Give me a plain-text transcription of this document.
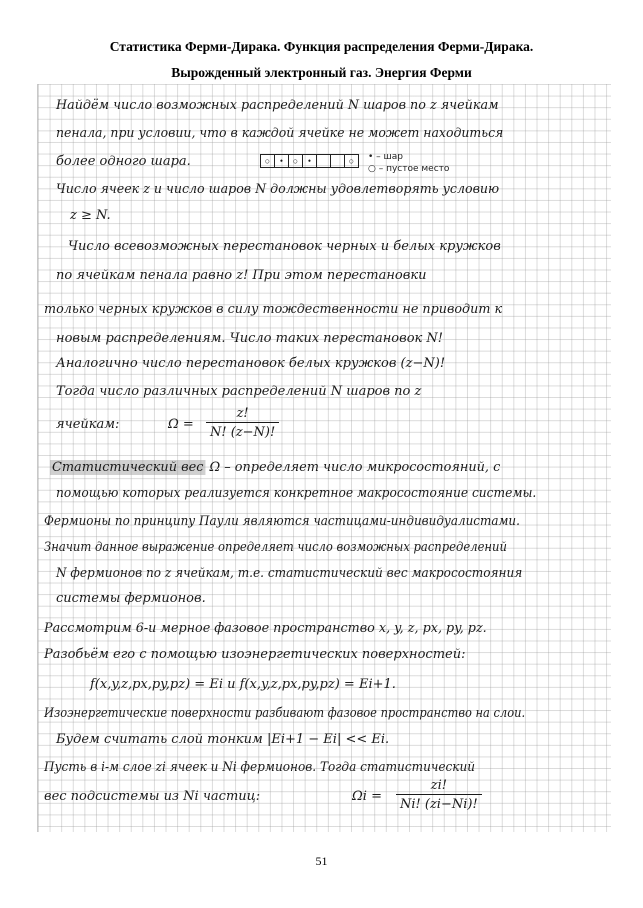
Статистика Ферми-Дирака. Функция распределения Ферми-Дирака.
Вырожденный электронный газ. Энергия Ферми
Найдём число возможных распределений N шаров по z ячейкам
пенала, при условии, что в каждой ячейке не может находиться
более одного шара.	○	•	○	•	○	• – шар
○ – пустое место
Число ячеек z и число шаров N должны удовлетворять условию
z ≥ N.
Число всевозможных перестановок черных и белых кружков
по ячейкам пенала равно z! При этом перестановки
только черных кружков в силу тождественности не приводит к
новым распределениям. Число таких перестановок N!
Аналогично число перестановок белых кружков (z−N)!
Тогда число различных распределений N шаров по z
ячейкам:	Ω =
z!
N! (z−N)!
Статистический вес Ω – определяет число микросостояний, с
помощью которых реализуется конкретное макросостояние системы.
Фермионы по принципу Паули являются частицами-индивидуалистами.
Значит данное выражение определяет число возможных распределений
N фермионов по z ячейкам, т.е. статистический вес макросостояния
системы фермионов.
Рассмотрим 6-и мерное фазовое пространство x, y, z, px, py, pz.
Разобьём его с помощью изоэнергетических поверхностей:
f(x,y,z,px,py,pz) = Ei и f(x,y,z,px,py,pz) = Ei+1.
Изоэнергетические поверхности разбивают фазовое пространство на слои.
Будем считать слой тонким |Ei+1 − Ei| << Ei.
Пусть в i-м слое zi ячеек и Ni фермионов. Тогда статистический
вес подсистемы из Ni частиц:	Ωi =
zi!
Ni! (zi−Ni)!
51
